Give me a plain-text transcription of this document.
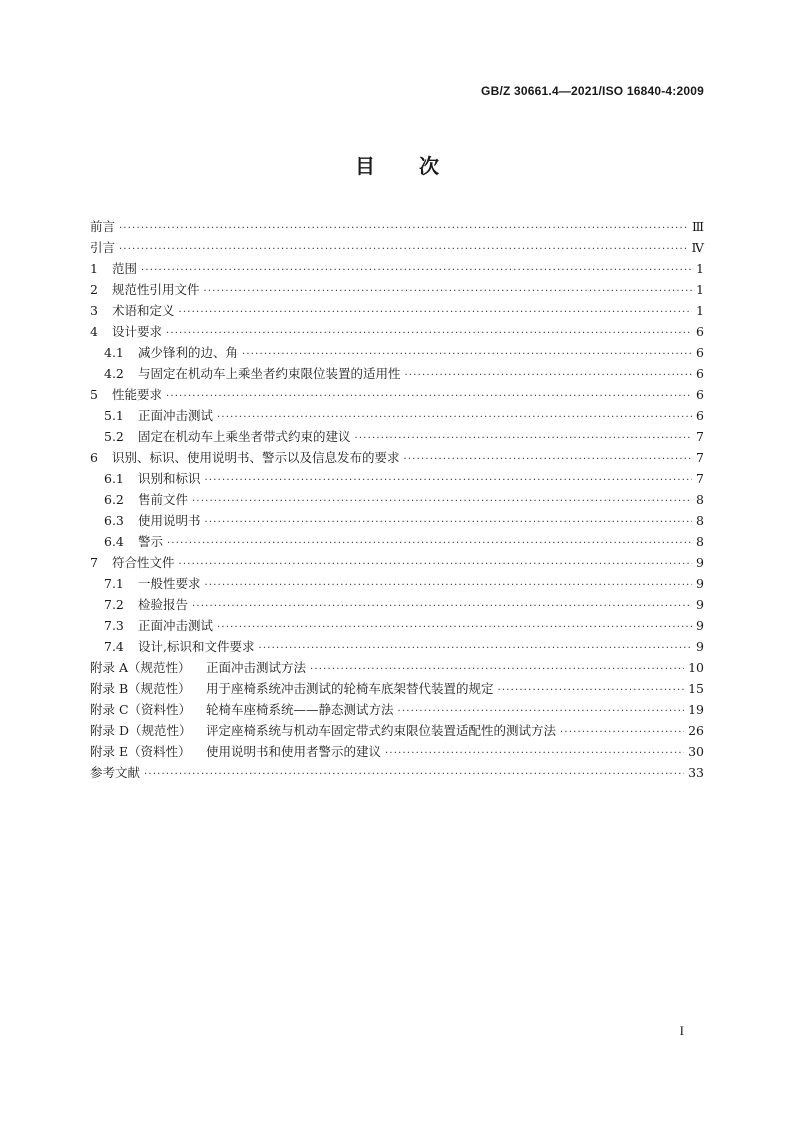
GB/Z 30661.4—2021/ISO 16840-4:2009
目 次
前言 ·····	Ⅲ
引言 ·····	Ⅳ
1	范围 ·····	1
2	规范性引用文件 ·····	1
3	术语和定义 ·····	1
4	设计要求 ·····	6
4.1	减少锋利的边、角 ·····	6
4.2	与固定在机动车上乘坐者约束限位装置的适用性 ·····	6
5	性能要求 ·····	6
5.1	正面冲击测试 ·····	6
5.2	固定在机动车上乘坐者带式约束的建议 ·····	7
6	识别、标识、使用说明书、警示以及信息发布的要求 ·····	7
6.1	识别和标识 ·····	7
6.2	售前文件 ·····	8
6.3	使用说明书 ·····	8
6.4	警示 ·····	8
7	符合性文件 ·····	9
7.1	一般性要求 ·····	9
7.2	检验报告 ·····	9
7.3	正面冲击测试 ·····	9
7.4	设计,标识和文件要求 ·····	9
附录 A（规范性）	正面冲击测试方法 ·····	10
附录 B（规范性）	用于座椅系统冲击测试的轮椅车底架替代装置的规定 ·····	15
附录 C（资料性）	轮椅车座椅系统——静态测试方法 ·····	19
附录 D（规范性）	评定座椅系统与机动车固定带式约束限位装置适配性的测试方法 ·····	26
附录 E（资料性）	使用说明书和使用者警示的建议 ·····	30
参考文献 ·····	33
I
